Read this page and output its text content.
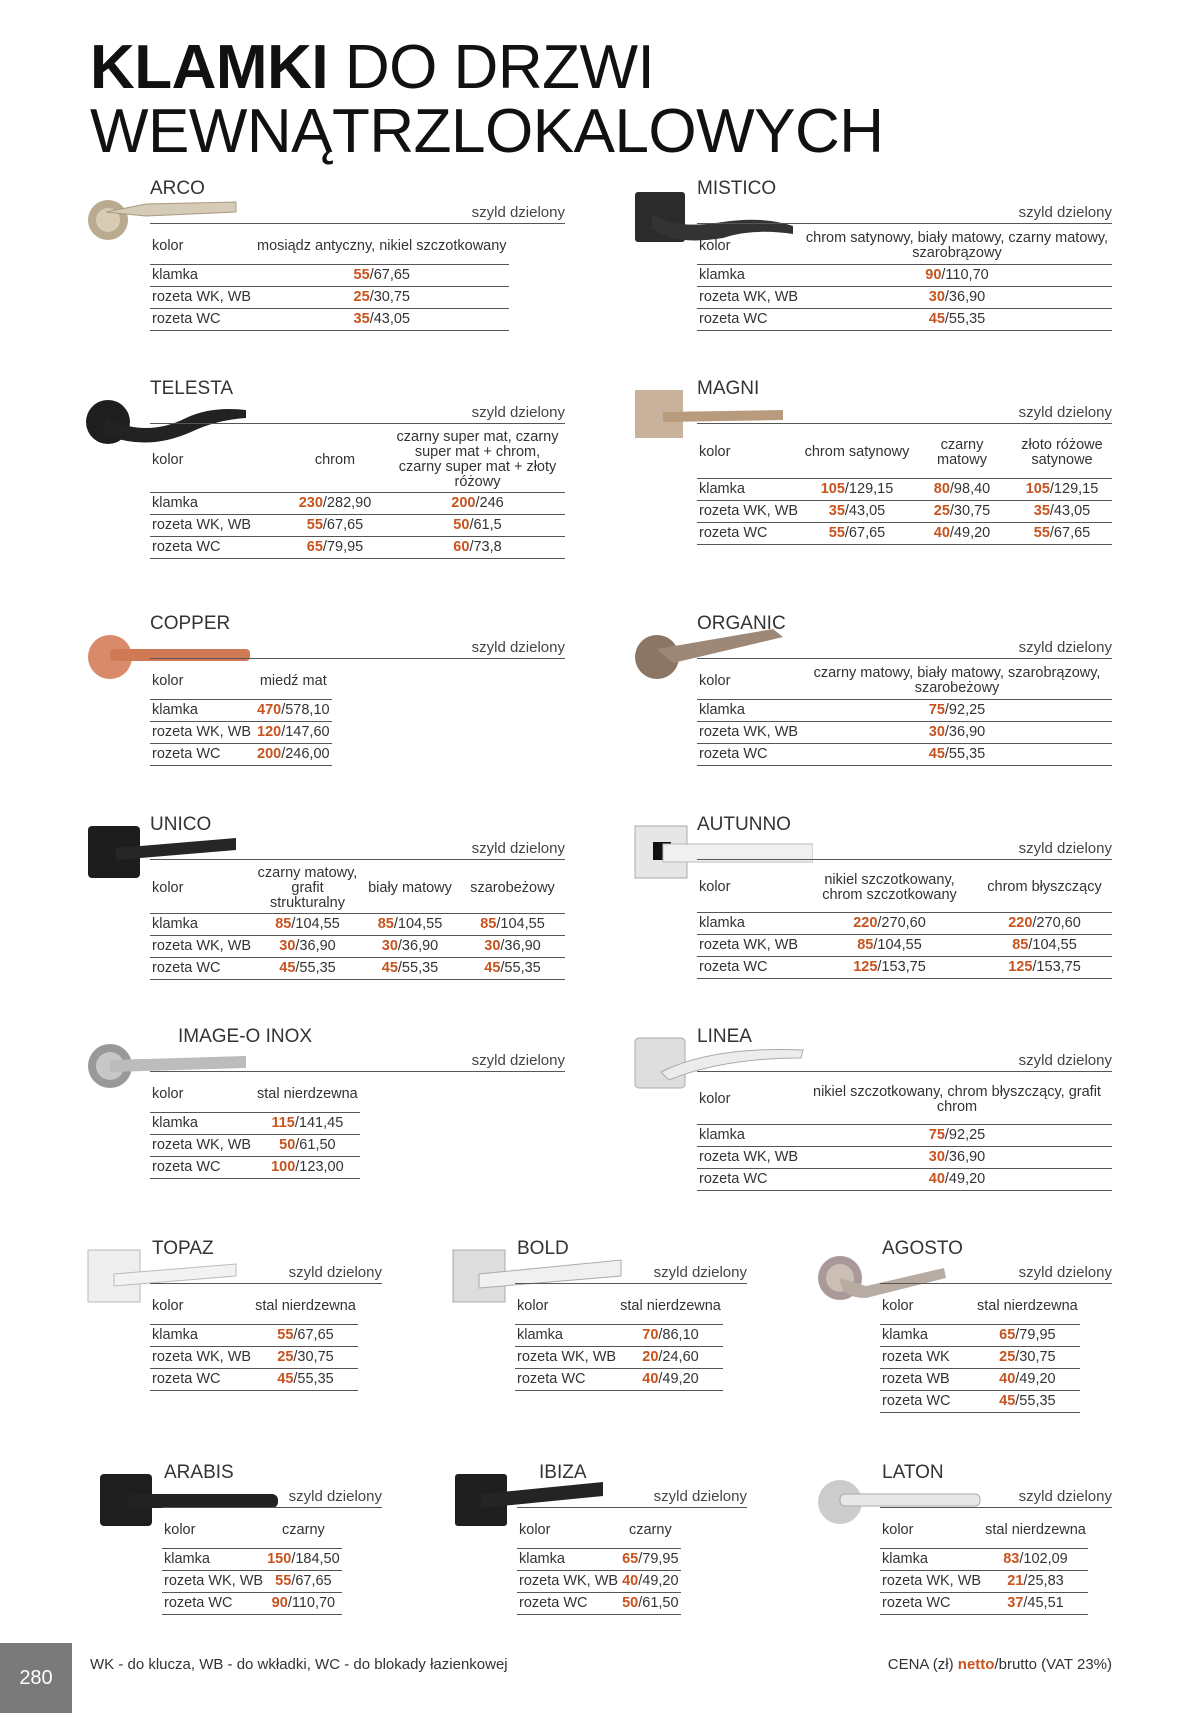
KLAMKI DO DRZWI
WEWNĄTRZLOKALOWYCH
ARCO
szyld dzielony
kolor	mosiądz antyczny, nikiel szczotkowany
klamka	55/67,65
rozeta WK, WB	25/30,75
rozeta WC	35/43,05
MISTICO
szyld dzielony
kolor	chrom satynowy, biały matowy, czarny matowy, szarobrązowy
klamka	90/110,70
rozeta WK, WB	30/36,90
rozeta WC	45/55,35
TELESTA
szyld dzielony
kolor	chrom	czarny super mat, czarny super mat + chrom, czarny super mat + złoty różowy
klamka	230/282,90	200/246
rozeta WK, WB	55/67,65	50/61,5
rozeta WC	65/79,95	60/73,8
MAGNI
szyld dzielony
kolor	chrom satynowy	czarny matowy	złoto różowe satynowe
klamka	105/129,15	80/98,40	105/129,15
rozeta WK, WB	35/43,05	25/30,75	35/43,05
rozeta WC	55/67,65	40/49,20	55/67,65
COPPER
szyld dzielony
kolor	miedź mat
klamka	470/578,10
rozeta WK, WB	120/147,60
rozeta WC	200/246,00
ORGANIC
szyld dzielony
kolor	czarny matowy, biały matowy, szarobrązowy, szarobeżowy
klamka	75/92,25
rozeta WK, WB	30/36,90
rozeta WC	45/55,35
UNICO
szyld dzielony
kolor	czarny matowy, grafit strukturalny	biały matowy	szarobeżowy
klamka	85/104,55	85/104,55	85/104,55
rozeta WK, WB	30/36,90	30/36,90	30/36,90
rozeta WC	45/55,35	45/55,35	45/55,35
AUTUNNO
szyld dzielony
kolor	nikiel szczotkowany, chrom szczotkowany	chrom błyszczący
klamka	220/270,60	220/270,60
rozeta WK, WB	85/104,55	85/104,55
rozeta WC	125/153,75	125/153,75
IMAGE-O INOX
szyld dzielony
kolor	stal nierdzewna
klamka	115/141,45
rozeta WK, WB	50/61,50
rozeta WC	100/123,00
LINEA
szyld dzielony
kolor	nikiel szczotkowany, chrom błyszczący, grafit chrom
klamka	75/92,25
rozeta WK, WB	30/36,90
rozeta WC	40/49,20
TOPAZ
szyld dzielony
kolor	stal nierdzewna
klamka	55/67,65
rozeta WK, WB	25/30,75
rozeta WC	45/55,35
BOLD
szyld dzielony
kolor	stal nierdzewna
klamka	70/86,10
rozeta WK, WB	20/24,60
rozeta WC	40/49,20
AGOSTO
szyld dzielony
kolor	stal nierdzewna
klamka	65/79,95
rozeta WK	25/30,75
rozeta WB	40/49,20
rozeta WC	45/55,35
ARABIS
szyld dzielony
kolor	czarny
klamka	150/184,50
rozeta WK, WB	55/67,65
rozeta WC	90/110,70
IBIZA
szyld dzielony
kolor	czarny
klamka	65/79,95
rozeta WK, WB	40/49,20
rozeta WC	50/61,50
LATON
szyld dzielony
kolor	stal nierdzewna
klamka	83/102,09
rozeta WK, WB	21/25,83
rozeta WC	37/45,51
WK - do klucza, WB - do wkładki, WC - do blokady łazienkowej	CENA (zł) netto/brutto (VAT 23%)
280
